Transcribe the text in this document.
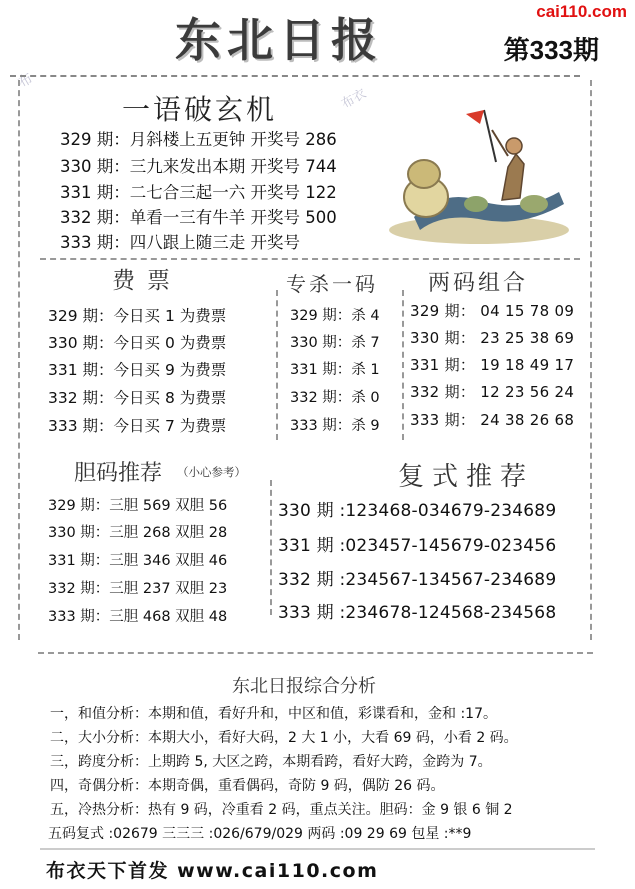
东北日报
cai110.com
第333期
布
布衣
一语破玄机
329 期：月斜楼上五更钟 开奖号 286
330 期：三九来发出本期 开奖号 744
331 期：二七合三起一六 开奖号 122
332 期：单看一三有牛羊 开奖号 500
333 期：四八跟上随三走 开奖号
费票	专杀一码 两码组合
329 期：今日买 1 为费票
330 期：今日买 0 为费票
331 期：今日买 9 为费票
332 期：今日买 8 为费票
333 期：今日买 7 为费票
329 期：杀 4
330 期：杀 7
331 期：杀 1
332 期：杀 0
333 期：杀 9
329 期： 04 15 78 09
330 期： 23 25 38 69
331 期： 19 18 49 17
332 期： 12 23 56 24
333 期： 24 38 26 68
胆码推荐 （小心参考）	复式推荐
329 期：三胆 569 双胆 56
330 期：三胆 268 双胆 28
331 期：三胆 346 双胆 46
332 期：三胆 237 双胆 23
333 期：三胆 468 双胆 48
330 期 :123468-034679-234689
331 期 :023457-145679-023456
332 期 :234567-134567-234689
333 期 :234678-124568-234568
东北日报综合分析
一，和值分析：本期和值，看好升和，中区和值，彩谍看和，金和 :17。
二，大小分析：本期大小，看好大码，2 大 1 小，大看 69 码，小看 2 码。
三，跨度分析：上期跨 5, 大区之跨，本期看跨，看好大跨，金跨为 7。
四，奇偶分析：本期奇偶，重看偶码，奇防 9 码，偶防 26 码。
五，冷热分析：热有 9 码，冷重看 2 码，重点关注。胆码：金 9 银 6 铜 2
五码复式 :02679 三三三 :026/679/029 两码 :09 29 69 包星 :**9
布衣天下首发 www.cai110.com
